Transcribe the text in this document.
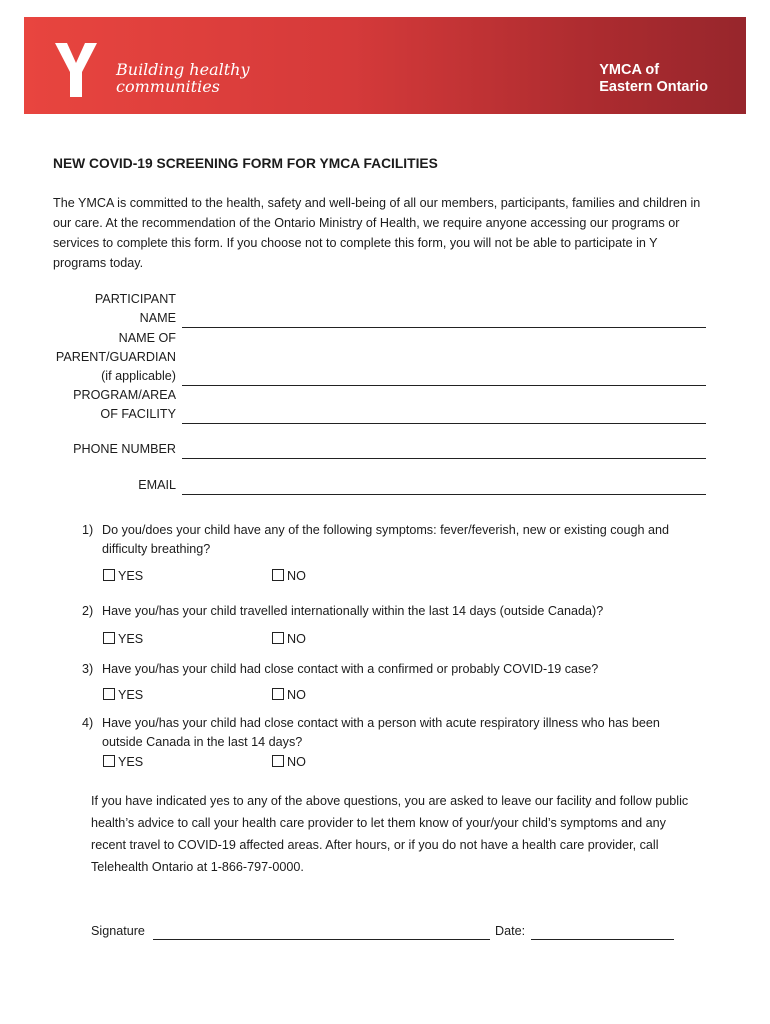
Building healthy
communities
YMCA of
Eastern Ontario
NEW COVID-19 SCREENING FORM FOR YMCA FACILITIES
The YMCA is committed to the health, safety and well-being of all our members, participants, families and children in our care. At the recommendation of the Ontario Ministry of Health, we require anyone accessing our programs or services to complete this form. If you choose not to complete this form, you will not be able to participate in Y programs today.
PARTICIPANT
NAME
NAME OF
PARENT/GUARDIAN
(if applicable)
PROGRAM/AREA
OF FACILITY
PHONE NUMBER
EMAIL
1) Do you/does your child have any of the following symptoms: fever/feverish, new or existing cough and difficulty breathing?
YES	NO
2) Have you/has your child travelled internationally within the last 14 days (outside Canada)?
YES	NO
3) Have you/has your child had close contact with a confirmed or probably COVID-19 case?
YES	NO
4) Have you/has your child had close contact with a person with acute respiratory illness who has been outside Canada in the last 14 days?
YES	NO
If you have indicated yes to any of the above questions, you are asked to leave our facility and follow public health’s advice to call your health care provider to let them know of your/your child’s symptoms and any recent travel to COVID-19 affected areas. After hours, or if you do not have a health care provider, call Telehealth Ontario at 1-866-797-0000.
Signature	Date:
